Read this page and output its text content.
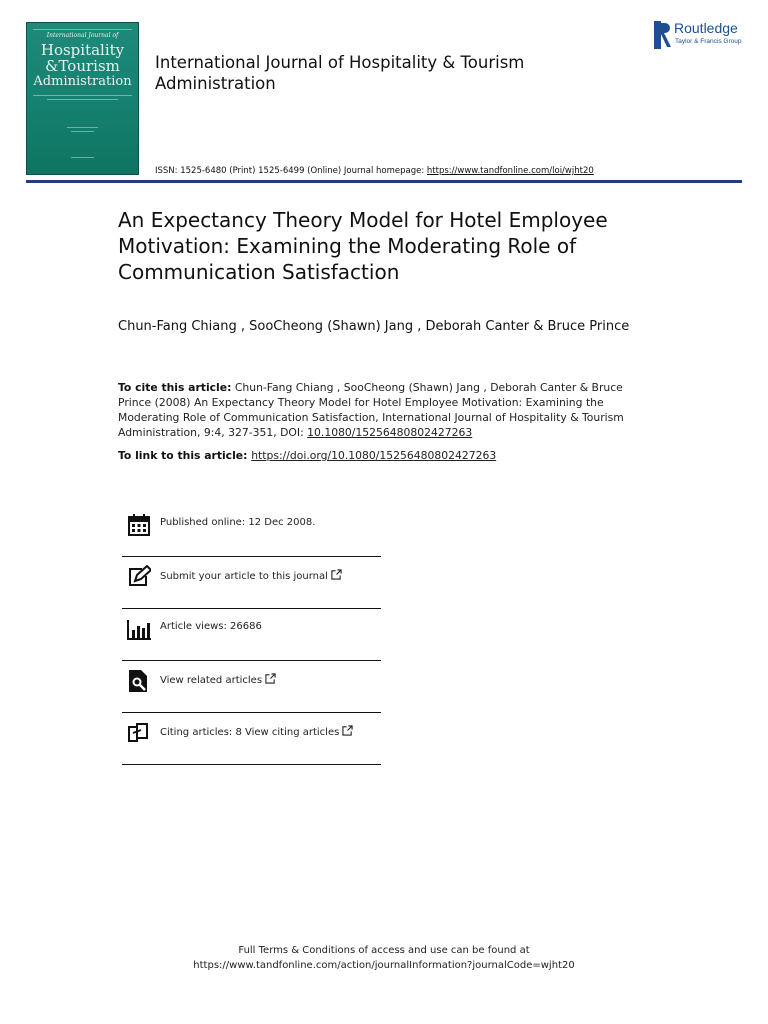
International Journal of
Hospitality
&Tourism
Administration
International Journal of Hospitality & Tourism Administration
Routledge
Taylor & Francis Group
ISSN: 1525-6480 (Print) 1525-6499 (Online) Journal homepage: https://www.tandfonline.com/loi/wjht20
An Expectancy Theory Model for Hotel Employee Motivation: Examining the Moderating Role of Communication Satisfaction
Chun-Fang Chiang , SooCheong (Shawn) Jang , Deborah Canter & Bruce Prince
To cite this article: Chun-Fang Chiang , SooCheong (Shawn) Jang , Deborah Canter & Bruce Prince (2008) An Expectancy Theory Model for Hotel Employee Motivation: Examining the Moderating Role of Communication Satisfaction, International Journal of Hospitality & Tourism Administration, 9:4, 327-351, DOI: 10.1080/15256480802427263
To link to this article: https://doi.org/10.1080/15256480802427263
Published online: 12 Dec 2008.
Submit your article to this journal
Article views: 26686
View related articles
Citing articles: 8 View citing articles
Full Terms & Conditions of access and use can be found at
https://www.tandfonline.com/action/journalInformation?journalCode=wjht20
